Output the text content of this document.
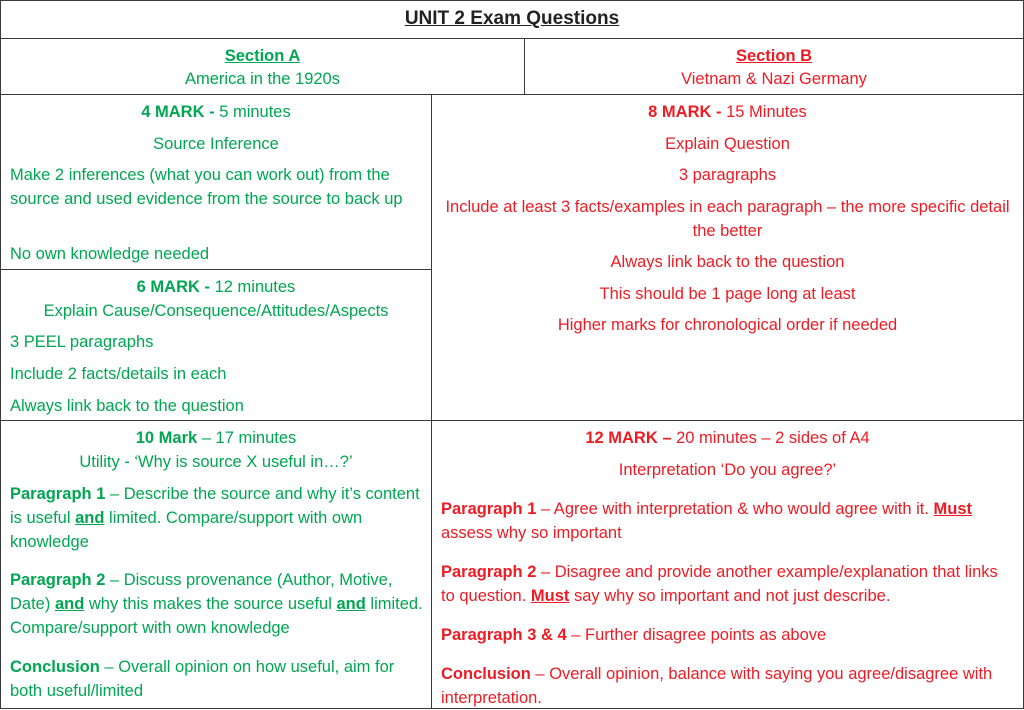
UNIT 2 Exam Questions
Section A
America in the 1920s
Section B
Vietnam & Nazi Germany
4 MARK - 5 minutes
Source Inference
Make 2 inferences (what you can work out) from the source and used evidence from the source to back up
No own knowledge needed
6 MARK - 12 minutes
Explain Cause/Consequence/Attitudes/Aspects
3 PEEL paragraphs
Include 2 facts/details in each
Always link back to the question
8 MARK - 15 Minutes
Explain Question
3 paragraphs
Include at least 3 facts/examples in each paragraph – the more specific detail the better
Always link back to the question
This should be 1 page long at least
Higher marks for chronological order if needed
10 Mark – 17 minutes
Utility - ‘Why is source X useful in…?’
Paragraph 1 – Describe the source and why it’s content is useful and limited. Compare/support with own knowledge
Paragraph 2 – Discuss provenance (Author, Motive, Date) and why this makes the source useful and limited. Compare/support with own knowledge
Conclusion – Overall opinion on how useful, aim for both useful/limited
12 MARK – 20 minutes – 2 sides of A4
Interpretation ‘Do you agree?’
Paragraph 1 – Agree with interpretation & who would agree with it. Must assess why so important
Paragraph 2 – Disagree and provide another example/explanation that links to question. Must say why so important and not just describe.
Paragraph 3 & 4 – Further disagree points as above
Conclusion – Overall opinion, balance with saying you agree/disagree with interpretation.
